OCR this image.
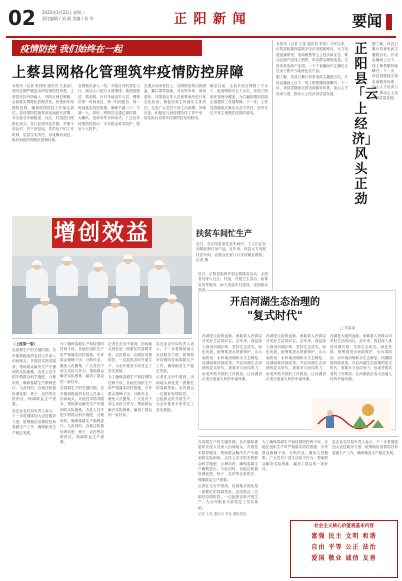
02 2022年3月22日 星期二
责任编辑 / 刘 丽 美编 / 张 华	正 阳 新 闻	要闻
疫情防控 我们始终在一起
上蔡县网格化管理筑牢疫情防控屏障

本报讯（记者 张向阳 通讯员 王某某）面对近期严峻复杂的疫情防控形势，上蔡县坚持外防输入、内防反弹总策略，全面落实网格化管理责任，织密织牢疫情防控网，确保疫情防控工作落实到位。县疫情防控指挥部迅速研究部署，对全县各乡镇街道、社区、村组进行网格化划分，实行县领导包乡镇、乡镇干部包村、村干部包组、党员包户的工作机制，层层压实责任，形成横向到边、纵向到底的网格化管理体系。

各网格员深入一线，对辖区内的常住人口、流动人口进行全面摸排，做到底数清、情况明。针对外地返乡人员，网格员第一时间登记、第一时间报告、第一时间落实管控措施，确保不漏一户、不漏一人。同时，网格员还通过微信群、大喇叭、宣传单等多种形式，广泛宣传疫情防控知识，引导群众科学防护、做好个人防护。

在重点场所管控上，各网格坚持扫码测温、戴口罩等措施，对农贸市场、商场超市、宾馆饭店等人员密集场所进行常态化检查，督促经营主体落实主体责任。全县广大党员干部主动请缨，冲锋在前，积极参与到疫情防控工作中来，用实际行动筑牢疫情防控坚固防线。

截至目前，全县共划分网格三千余个，配备网格员五千余名，实现了网格化管理全覆盖，为打赢疫情防控阻击战提供了坚强保障。下一步，上蔡县将继续压紧压实各方责任，坚决守住不发生规模性疫情的底线。

增创效益	扶贫车间忙生产

近日，在正阳县某扶贫车间内，工人们正在加紧赶制订单产品。近年来，该县大力发展扶贫车间，让群众在家门口实现就业增收。记者 摄

本报讯（记者 王某 通讯员 李某）今年以来，正阳县积极探索数字经济发展新路径，大力发展直播带货、电商销售等云上经济新业态，推动农副产品线上销售，带动群众增收致富。走进该县电商产业园，一个个直播间内主播们正在卖力推介当地特色农产品。

据了解，该县已累计培育电商主播数百名，开设直播间上百个，线上销售额持续攀升。下一步，该县将继续完善电商服务体系，加大人才培训力度，推动云上经济高质量发展。

正阳县「云上经济」风头正劲

据了解，该县已累计培育电商主播数百名，开设直播间上百个，线上销售额持续攀升。下一步，该县将继续完善电商服务体系，加大人才培训力度，推动云上经济高质量发展。

（上接第一版）

在春耕生产的关键时期，各乡镇积极组织农技人员深入田间地头，开展技术指导服务，帮助群众解决生产中遇到的实际困难。农技人员手把手教群众科学施肥、合理用药，确保春耕生产顺利进行。与此同时，各地还积极协调化肥、种子、农药等农资供应，保障群众生产需要。

县农业农村局负责人表示，下一步将继续加大农技服务力度，统筹做好疫情防控和春耕生产工作，确保粮食生产稳定发展。

为了确保春耕生产和疫情防控两不误，各地在组织生产时严格落实防控措施，引导群众错峰下田、分散作业，避免人员聚集。广大党员干部主动担当作为，帮助群众解决实际困难，赢得了群众的一致好评。

在春耕生产的关键时期，各乡镇积极组织农技人员深入田间地头，开展技术指导服务，帮助群众解决生产中遇到的实际困难。农技人员手把手教群众科学施肥、合理用药，确保春耕生产顺利进行。与此同时，各地还积极协调化肥、种子、农药等农资供应，保障群众生产需要。

记者在走访中看到，田间地头到处是一派繁忙的春耕景象。农民群众一边做好疫情防控，一边抢抓农时开展生产，为全年粮食丰收奠定了坚实基础。

为了确保春耕生产和疫情防控两不误，各地在组织生产时严格落实防控措施，引导群众错峰下田、分散作业，避免人员聚集。广大党员干部主动担当作为，帮助群众解决实际困难，赢得了群众的一致好评。

县农业农村局负责人表示，下一步将继续加大农技服务力度，统筹做好疫情防控和春耕生产工作，确保粮食生产稳定发展。

记者在走访中看到，田间地头到处是一派繁忙的春耕景象。农民群众一边做好疫情防控，一边抢抓农时开展生产，为全年粮食丰收奠定了坚实基础。

近日，正阳县组织开展志愿服务活动，志愿者们深入社区、村组，开展卫生清洁、政策宣传等服务，助力美丽乡村建设，受到群众欢迎。

开启河湖生态治理的
"复式时代"
□ 刘某某

河湖是大地的血脉，承载着人民群众对美好生活的向往。近年来，我县深入推进河湖长制，坚持生态优先、绿色发展，统筹推进水资源保护、水污染防治、水环境治理和水生态修复，河湖面貌持续改善。开启河湖生态治理的复式时代，需要多方协同发力，形成齐抓共管的工作格局，让河湖真正成为造福人民的幸福河湖。

河湖是大地的血脉，承载着人民群众对美好生活的向往。近年来，我县深入推进河湖长制，坚持生态优先、绿色发展，统筹推进水资源保护、水污染防治、水环境治理和水生态修复，河湖面貌持续改善。开启河湖生态治理的复式时代，需要多方协同发力，形成齐抓共管的工作格局，让河湖真正成为造福人民的幸福河湖。

河湖是大地的血脉，承载着人民群众对美好生活的向往。近年来，我县深入推进河湖长制，坚持生态优先、绿色发展，统筹推进水资源保护、水污染防治、水环境治理和水生态修复，河湖面貌持续改善。开启河湖生态治理的复式时代，需要多方协同发力，形成齐抓共管的工作格局，让河湖真正成为造福人民的幸福河湖。

在春耕生产的关键时期，各乡镇积极组织农技人员深入田间地头，开展技术指导服务，帮助群众解决生产中遇到的实际困难。农技人员手把手教群众科学施肥、合理用药，确保春耕生产顺利进行。与此同时，各地还积极协调化肥、种子、农药等农资供应，保障群众生产需要。

记者在走访中看到，田间地头到处是一派繁忙的春耕景象。农民群众一边做好疫情防控，一边抢抓农时开展生产，为全年粮食丰收奠定了坚实基础。

为了确保春耕生产和疫情防控两不误，各地在组织生产时严格落实防控措施，引导群众错峰下田、分散作业，避免人员聚集。广大党员干部主动担当作为，帮助群众解决实际困难，赢得了群众的一致好评。

县农业农村局负责人表示，下一步将继续加大农技服务力度，统筹做好疫情防控和春耕生产工作，确保粮食生产稳定发展。

记者 王某 通讯员 李某 摄影报道
社会主义核心价值观基本内容
富强 民主 文明 和谐
自由 平等 公正 法治
爱国 敬业 诚信 友善
